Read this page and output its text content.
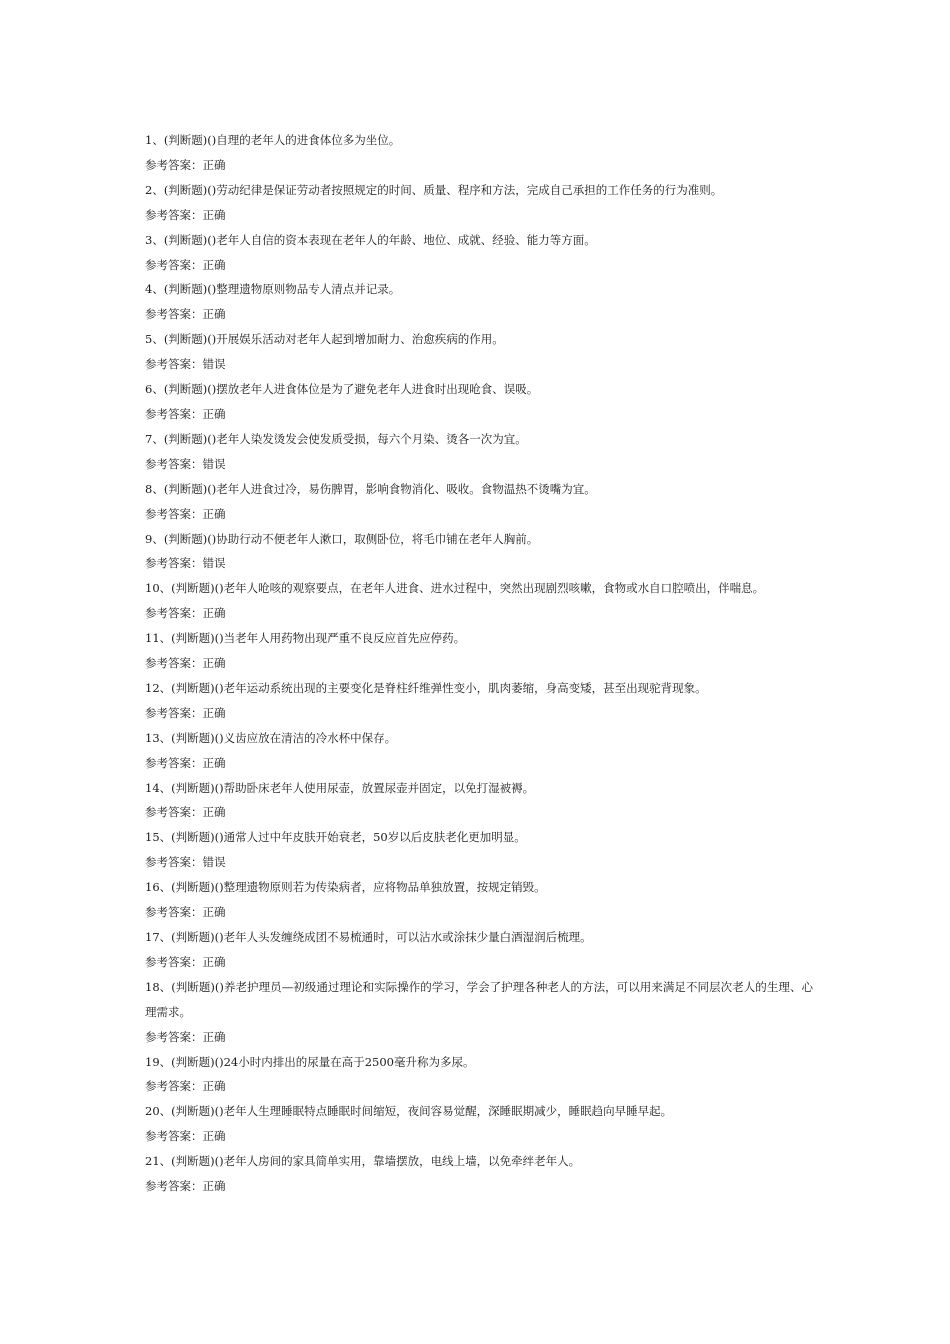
1、(判断题)()自理的老年人的进食体位多为坐位。

参考答案：正确

2、(判断题)()劳动纪律是保证劳动者按照规定的时间、质量、程序和方法，完成自己承担的工作任务的行为准则。

参考答案：正确

3、(判断题)()老年人自信的资本表现在老年人的年龄、地位、成就、经验、能力等方面。

参考答案：正确

4、(判断题)()整理遗物原则物品专人清点并记录。

参考答案：正确

5、(判断题)()开展娱乐活动对老年人起到增加耐力、治愈疾病的作用。

参考答案：错误

6、(判断题)()摆放老年人进食体位是为了避免老年人进食时出现呛食、误吸。

参考答案：正确

7、(判断题)()老年人染发烫发会使发质受损，每六个月染、烫各一次为宜。

参考答案：错误

8、(判断题)()老年人进食过冷，易伤脾胃，影响食物消化、吸收。食物温热不烫嘴为宜。

参考答案：正确

9、(判断题)()协助行动不便老年人漱口，取侧卧位，将毛巾铺在老年人胸前。

参考答案：错误

10、(判断题)()老年人呛咳的观察要点，在老年人进食、进水过程中，突然出现剧烈咳嗽，食物或水自口腔喷出，伴喘息。

参考答案：正确

11、(判断题)()当老年人用药物出现严重不良反应首先应停药。

参考答案：正确

12、(判断题)()老年运动系统出现的主要变化是脊柱纤维弹性变小，肌肉萎缩，身高变矮，甚至出现驼背现象。

参考答案：正确

13、(判断题)()义齿应放在清洁的冷水杯中保存。

参考答案：正确

14、(判断题)()帮助卧床老年人使用尿壶，放置尿壶并固定，以免打湿被褥。

参考答案：正确

15、(判断题)()通常人过中年皮肤开始衰老，50岁以后皮肤老化更加明显。

参考答案：错误

16、(判断题)()整理遗物原则若为传染病者，应将物品单独放置，按规定销毁。

参考答案：正确

17、(判断题)()老年人头发缠绕成团不易梳通时，可以沾水或涂抹少量白酒湿润后梳理。

参考答案：正确

18、(判断题)()养老护理员—初级通过理论和实际操作的学习，学会了护理各种老人的方法，可以用来满足不同层次老人的生理、心理需求。

参考答案：正确

19、(判断题)()24小时内排出的尿量在高于2500毫升称为多尿。

参考答案：正确

20、(判断题)()老年人生理睡眠特点睡眠时间缩短，夜间容易觉醒，深睡眠期减少，睡眠趋向早睡早起。

参考答案：正确

21、(判断题)()老年人房间的家具简单实用，靠墙摆放，电线上墙，以免牵绊老年人。

参考答案：正确
